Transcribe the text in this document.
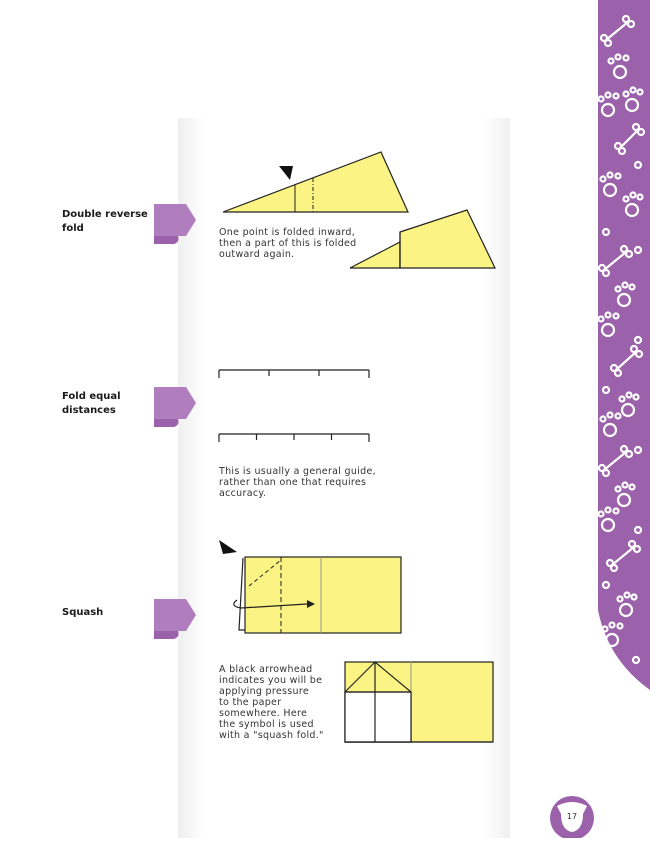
Double reverse
fold	One point is folded inward,
then a part of this is folded
outward again.
Fold equal
distances
This is usually a general guide,
rather than one that requires
accuracy.
Squash
A black arrowhead
indicates you will be
applying pressure
to the paper
somewhere. Here
the symbol is used
with a "squash fold."
17
